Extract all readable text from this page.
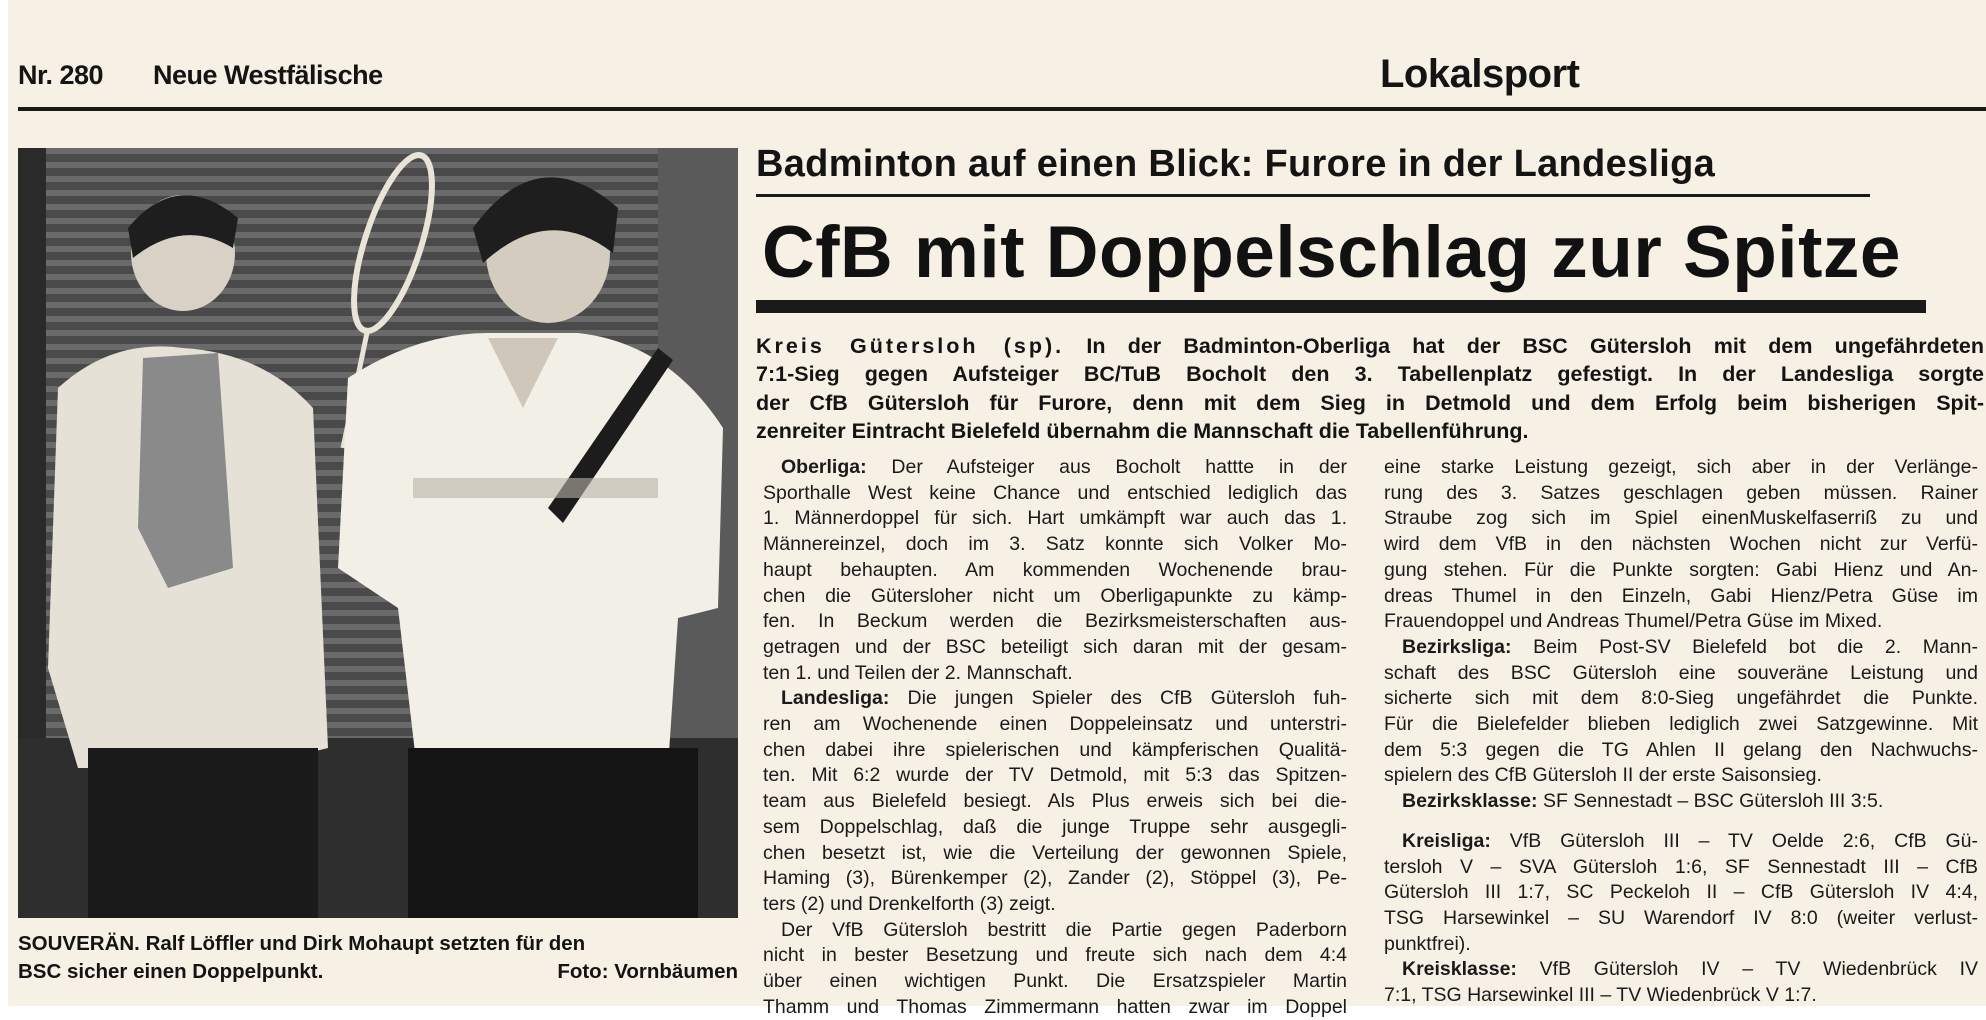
Nr. 280 Neue Westfälische	Lokalsport
SOUVERÄN. Ralf Löffler und Dirk Mohaupt setzten für den
BSC sicher einen Doppelpunkt.	Foto: Vornbäumen
Badminton auf einen Blick: Furore in der Landesliga
CfB mit Doppelschlag zur Spitze
Kreis Gütersloh (sp). In der Badminton-Oberliga hat der BSC Gütersloh mit dem ungefährdeten
7:1-Sieg gegen Aufsteiger BC/TuB Bocholt den 3. Tabellenplatz gefestigt. In der Landesliga sorgte
der CfB Gütersloh für Furore, denn mit dem Sieg in Detmold und dem Erfolg beim bisherigen Spit-
zenreiter Eintracht Bielefeld übernahm die Mannschaft die Tabellenführung.
Oberliga: Der Aufsteiger aus Bocholt hattte in der
Sporthalle West keine Chance und entschied lediglich das
1. Männerdoppel für sich. Hart umkämpft war auch das 1.
Männereinzel, doch im 3. Satz konnte sich Volker Mo-
haupt behaupten. Am kommenden Wochenende brau-
chen die Gütersloher nicht um Oberligapunkte zu kämp-
fen. In Beckum werden die Bezirksmeisterschaften aus-
getragen und der BSC beteiligt sich daran mit der gesam-
ten 1. und Teilen der 2. Mannschaft.
Landesliga: Die jungen Spieler des CfB Gütersloh fuh-
ren am Wochenende einen Doppeleinsatz und unterstri-
chen dabei ihre spielerischen und kämpferischen Qualitä-
ten. Mit 6:2 wurde der TV Detmold, mit 5:3 das Spitzen-
team aus Bielefeld besiegt. Als Plus erweis sich bei die-
sem Doppelschlag, daß die junge Truppe sehr ausgegli-
chen besetzt ist, wie die Verteilung der gewonnen Spiele,
Haming (3), Bürenkemper (2), Zander (2), Stöppel (3), Pe-
ters (2) und Drenkelforth (3) zeigt.
Der VfB Gütersloh bestritt die Partie gegen Paderborn
nicht in bester Besetzung und freute sich nach dem 4:4
über einen wichtigen Punkt. Die Ersatzspieler Martin
Thamm und Thomas Zimmermann hatten zwar im Doppel
eine starke Leistung gezeigt, sich aber in der Verlänge-
rung des 3. Satzes geschlagen geben müssen. Rainer
Straube zog sich im Spiel einenMuskelfaserriß zu und
wird dem VfB in den nächsten Wochen nicht zur Verfü-
gung stehen. Für die Punkte sorgten: Gabi Hienz und An-
dreas Thumel in den Einzeln, Gabi Hienz/Petra Güse im
Frauendoppel und Andreas Thumel/Petra Güse im Mixed.
Bezirksliga: Beim Post-SV Bielefeld bot die 2. Mann-
schaft des BSC Gütersloh eine souveräne Leistung und
sicherte sich mit dem 8:0-Sieg ungefährdet die Punkte.
Für die Bielefelder blieben lediglich zwei Satzgewinne. Mit
dem 5:3 gegen die TG Ahlen II gelang den Nachwuchs-
spielern des CfB Gütersloh II der erste Saisonsieg.
Bezirksklasse: SF Sennestadt – BSC Gütersloh III 3:5.
Kreisliga: VfB Gütersloh III – TV Oelde 2:6, CfB Gü-
tersloh V – SVA Gütersloh 1:6, SF Sennestadt III – CfB
Gütersloh III 1:7, SC Peckeloh II – CfB Gütersloh IV 4:4,
TSG Harsewinkel – SU Warendorf IV 8:0 (weiter verlust-
punktfrei).
Kreisklasse: VfB Gütersloh IV – TV Wiedenbrück IV
7:1, TSG Harsewinkel III – TV Wiedenbrück V 1:7.
